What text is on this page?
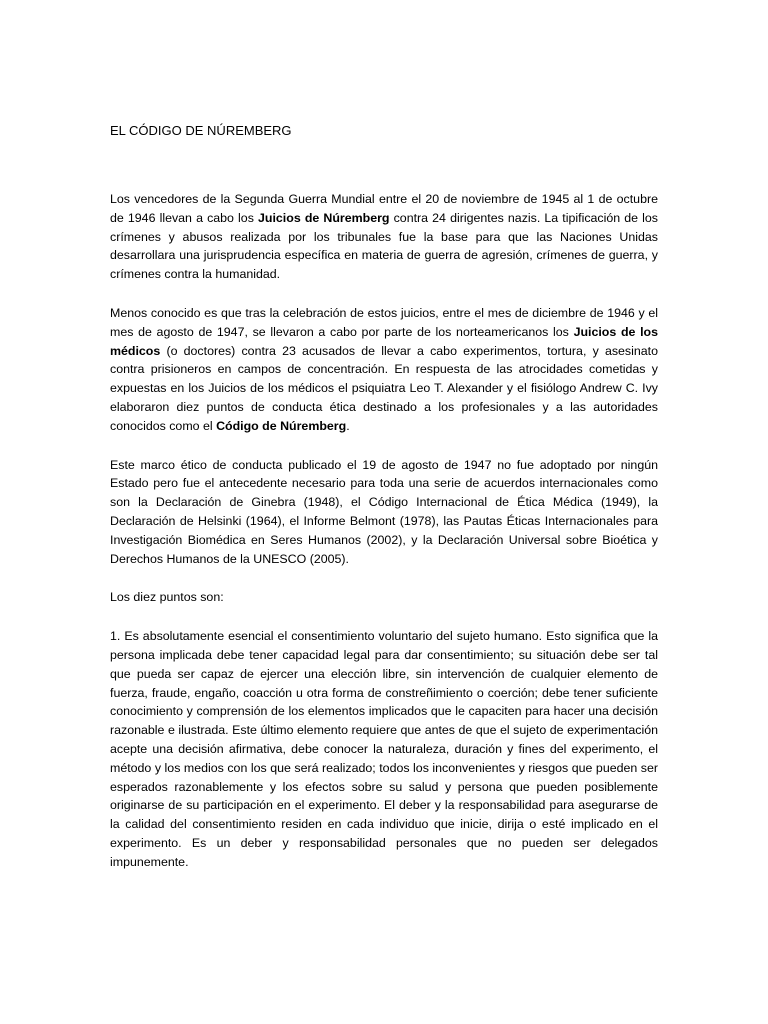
EL CÓDIGO DE NÚREMBERG

Los vencedores de la Segunda Guerra Mundial entre el 20 de noviembre de 1945 al 1 de octubre de 1946 llevan a cabo los Juicios de Núremberg contra 24 dirigentes nazis. La tipificación de los crímenes y abusos realizada por los tribunales fue la base para que las Naciones Unidas desarrollara una jurisprudencia específica en materia de guerra de agresión, crímenes de guerra, y crímenes contra la humanidad.

Menos conocido es que tras la celebración de estos juicios, entre el mes de diciembre de 1946 y el mes de agosto de 1947, se llevaron a cabo por parte de los norteamericanos los Juicios de los médicos (o doctores) contra 23 acusados de llevar a cabo experimentos, tortura, y asesinato contra prisioneros en campos de concentración. En respuesta de las atrocidades cometidas y expuestas en los Juicios de los médicos el psiquiatra Leo T. Alexander y el fisiólogo Andrew C. Ivy elaboraron diez puntos de conducta ética destinado a los profesionales y a las autoridades conocidos como el Código de Núremberg.

Este marco ético de conducta publicado el 19 de agosto de 1947 no fue adoptado por ningún Estado pero fue el antecedente necesario para toda una serie de acuerdos internacionales como son la Declaración de Ginebra (1948), el Código Internacional de Ética Médica (1949), la Declaración de Helsinki (1964), el Informe Belmont (1978), las Pautas Éticas Internacionales para Investigación Biomédica en Seres Humanos (2002), y la Declaración Universal sobre Bioética y Derechos Humanos de la UNESCO (2005).

Los diez puntos son:

1. Es absolutamente esencial el consentimiento voluntario del sujeto humano. Esto significa que la persona implicada debe tener capacidad legal para dar consentimiento; su situación debe ser tal que pueda ser capaz de ejercer una elección libre, sin intervención de cualquier elemento de fuerza, fraude, engaño, coacción u otra forma de constreñimiento o coerción; debe tener suficiente conocimiento y comprensión de los elementos implicados que le capaciten para hacer una decisión razonable e ilustrada. Este último elemento requiere que antes de que el sujeto de experimentación acepte una decisión afirmativa, debe conocer la naturaleza, duración y fines del experimento, el método y los medios con los que será realizado; todos los inconvenientes y riesgos que pueden ser esperados razonablemente y los efectos sobre su salud y persona que pueden posiblemente originarse de su participación en el experimento. El deber y la responsabilidad para asegurarse de la calidad del consentimiento residen en cada individuo que inicie, dirija o esté implicado en el experimento. Es un deber y responsabilidad personales que no pueden ser delegados impunemente.
